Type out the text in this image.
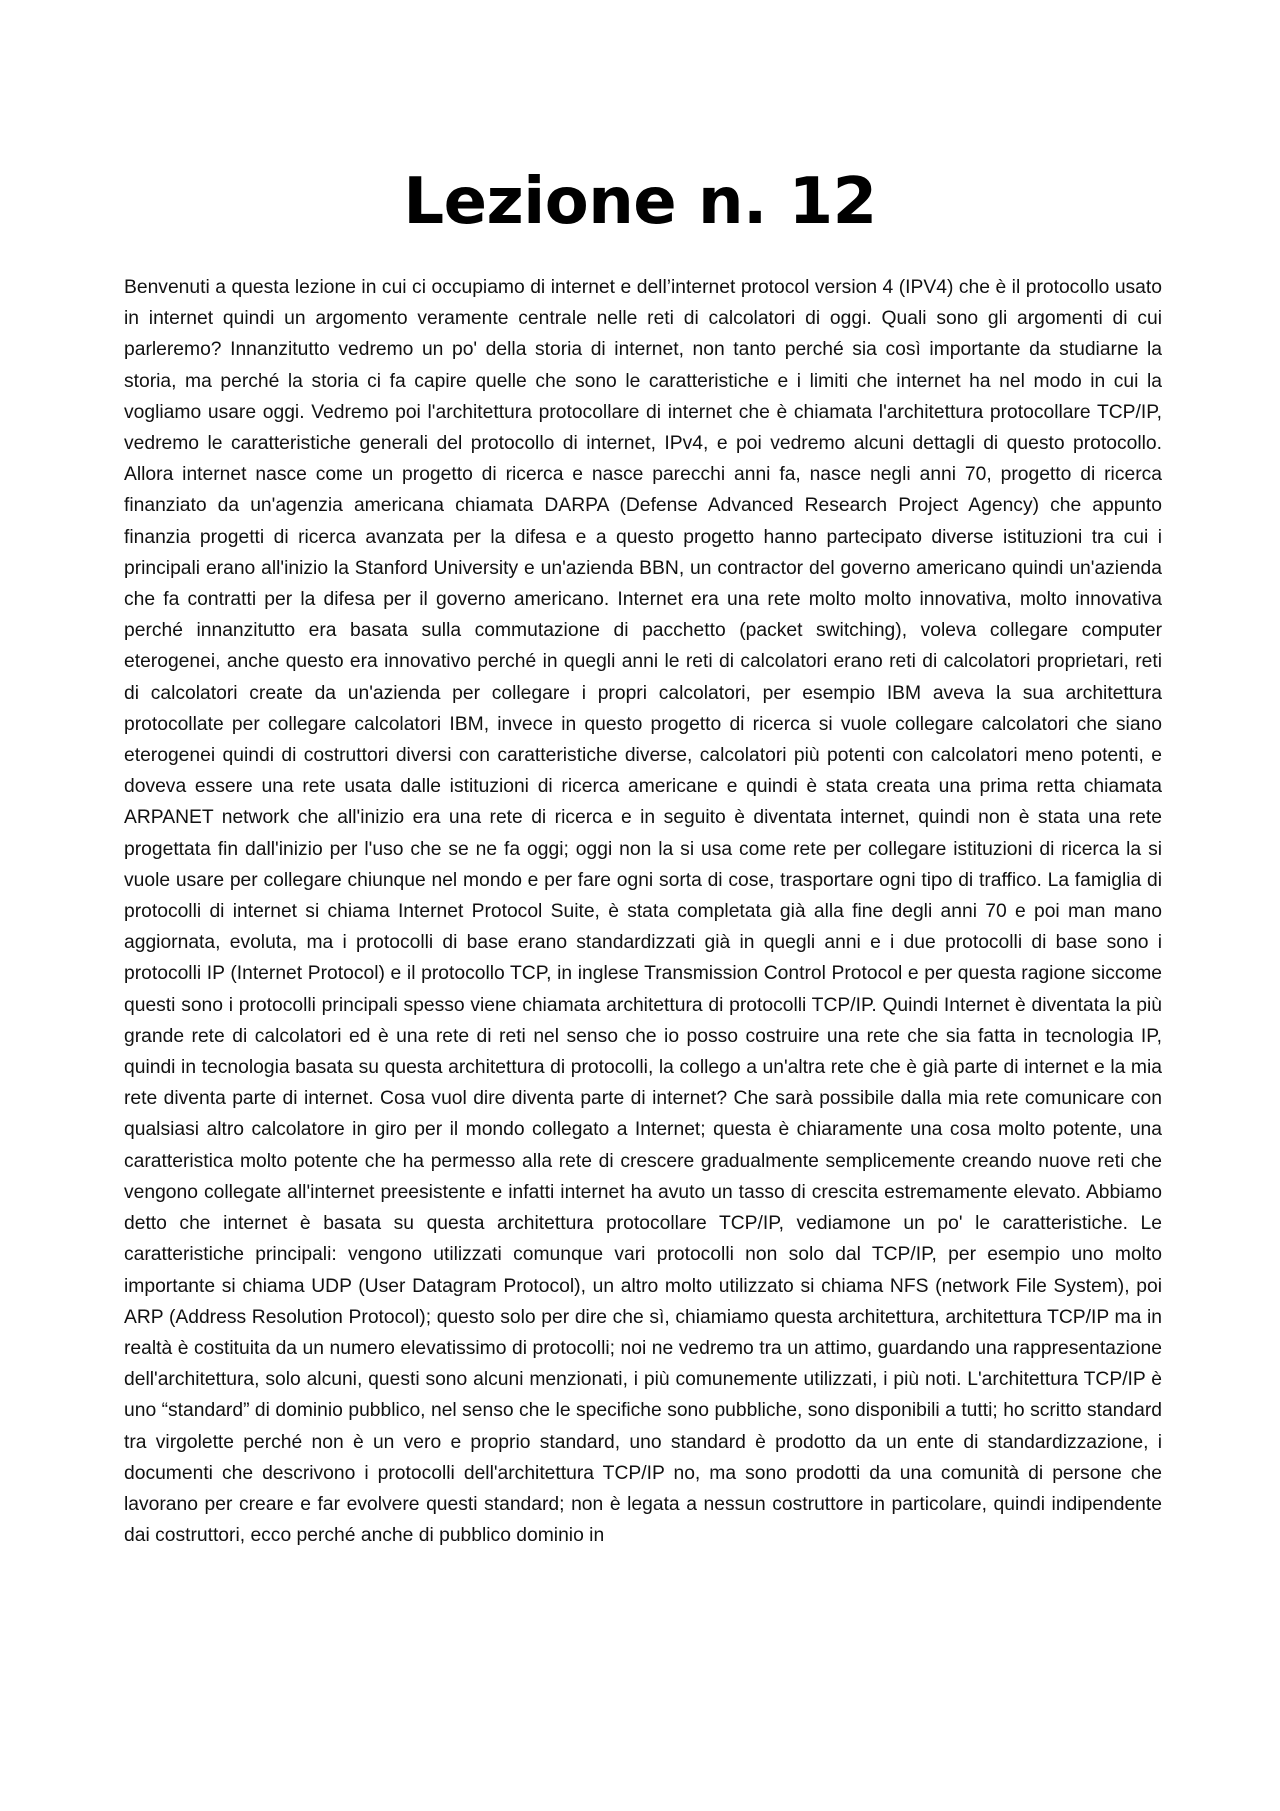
Lezione n. 12

Benvenuti a questa lezione in cui ci occupiamo di internet e dell’internet protocol version 4 (IPV4) che è il protocollo usato in internet quindi un argomento veramente centrale nelle reti di calcolatori di oggi. Quali sono gli argomenti di cui parleremo? Innanzitutto vedremo un po' della storia di internet, non tanto perché sia così importante da studiarne la storia, ma perché la storia ci fa capire quelle che sono le caratteristiche e i limiti che internet ha nel modo in cui la vogliamo usare oggi. Vedremo poi l'architettura protocollare di internet che è chiamata l'architettura protocollare TCP/IP, vedremo le caratteristiche generali del protocollo di internet, IPv4, e poi vedremo alcuni dettagli di questo protocollo. Allora internet nasce come un progetto di ricerca e nasce parecchi anni fa, nasce negli anni 70, progetto di ricerca finanziato da un'agenzia americana chiamata DARPA (Defense Advanced Research Project Agency) che appunto finanzia progetti di ricerca avanzata per la difesa e a questo progetto hanno partecipato diverse istituzioni tra cui i principali erano all'inizio la Stanford University e un'azienda BBN, un contractor del governo americano quindi un'azienda che fa contratti per la difesa per il governo americano. Internet era una rete molto molto innovativa, molto innovativa perché innanzitutto era basata sulla commutazione di pacchetto (packet switching), voleva collegare computer eterogenei, anche questo era innovativo perché in quegli anni le reti di calcolatori erano reti di calcolatori proprietari, reti di calcolatori create da un'azienda per collegare i propri calcolatori, per esempio IBM aveva la sua architettura protocollate per collegare calcolatori IBM, invece in questo progetto di ricerca si vuole collegare calcolatori che siano eterogenei quindi di costruttori diversi con caratteristiche diverse, calcolatori più potenti con calcolatori meno potenti, e doveva essere una rete usata dalle istituzioni di ricerca americane e quindi è stata creata una prima retta chiamata ARPANET network che all'inizio era una rete di ricerca e in seguito è diventata internet, quindi non è stata una rete progettata fin dall'inizio per l'uso che se ne fa oggi; oggi non la si usa come rete per collegare istituzioni di ricerca la si vuole usare per collegare chiunque nel mondo e per fare ogni sorta di cose, trasportare ogni tipo di traffico. La famiglia di protocolli di internet si chiama Internet Protocol Suite, è stata completata già alla fine degli anni 70 e poi man mano aggiornata, evoluta, ma i protocolli di base erano standardizzati già in quegli anni e i due protocolli di base sono i protocolli IP (Internet Protocol) e il protocollo TCP, in inglese Transmission Control Protocol e per questa ragione siccome questi sono i protocolli principali spesso viene chiamata architettura di protocolli TCP/IP. Quindi Internet è diventata la più grande rete di calcolatori ed è una rete di reti nel senso che io posso costruire una rete che sia fatta in tecnologia IP, quindi in tecnologia basata su questa architettura di protocolli, la collego a un'altra rete che è già parte di internet e la mia rete diventa parte di internet. Cosa vuol dire diventa parte di internet? Che sarà possibile dalla mia rete comunicare con qualsiasi altro calcolatore in giro per il mondo collegato a Internet; questa è chiaramente una cosa molto potente, una caratteristica molto potente che ha permesso alla rete di crescere gradualmente semplicemente creando nuove reti che vengono collegate all'internet preesistente e infatti internet ha avuto un tasso di crescita estremamente elevato. Abbiamo detto che internet è basata su questa architettura protocollare TCP/IP, vediamone un po' le caratteristiche. Le caratteristiche principali: vengono utilizzati comunque vari protocolli non solo dal TCP/IP, per esempio uno molto importante si chiama UDP (User Datagram Protocol), un altro molto utilizzato si chiama NFS (network File System), poi ARP (Address Resolution Protocol); questo solo per dire che sì, chiamiamo questa architettura, architettura TCP/IP ma in realtà è costituita da un numero elevatissimo di protocolli; noi ne vedremo tra un attimo, guardando una rappresentazione dell'architettura, solo alcuni, questi sono alcuni menzionati, i più comunemente utilizzati, i più noti. L'architettura TCP/IP è uno “standard” di dominio pubblico, nel senso che le specifiche sono pubbliche, sono disponibili a tutti; ho scritto standard tra virgolette perché non è un vero e proprio standard, uno standard è prodotto da un ente di standardizzazione, i documenti che descrivono i protocolli dell'architettura TCP/IP no, ma sono prodotti da una comunità di persone che lavorano per creare e far evolvere questi standard; non è legata a nessun costruttore in particolare, quindi indipendente dai costruttori, ecco perché anche di pubblico dominio in
